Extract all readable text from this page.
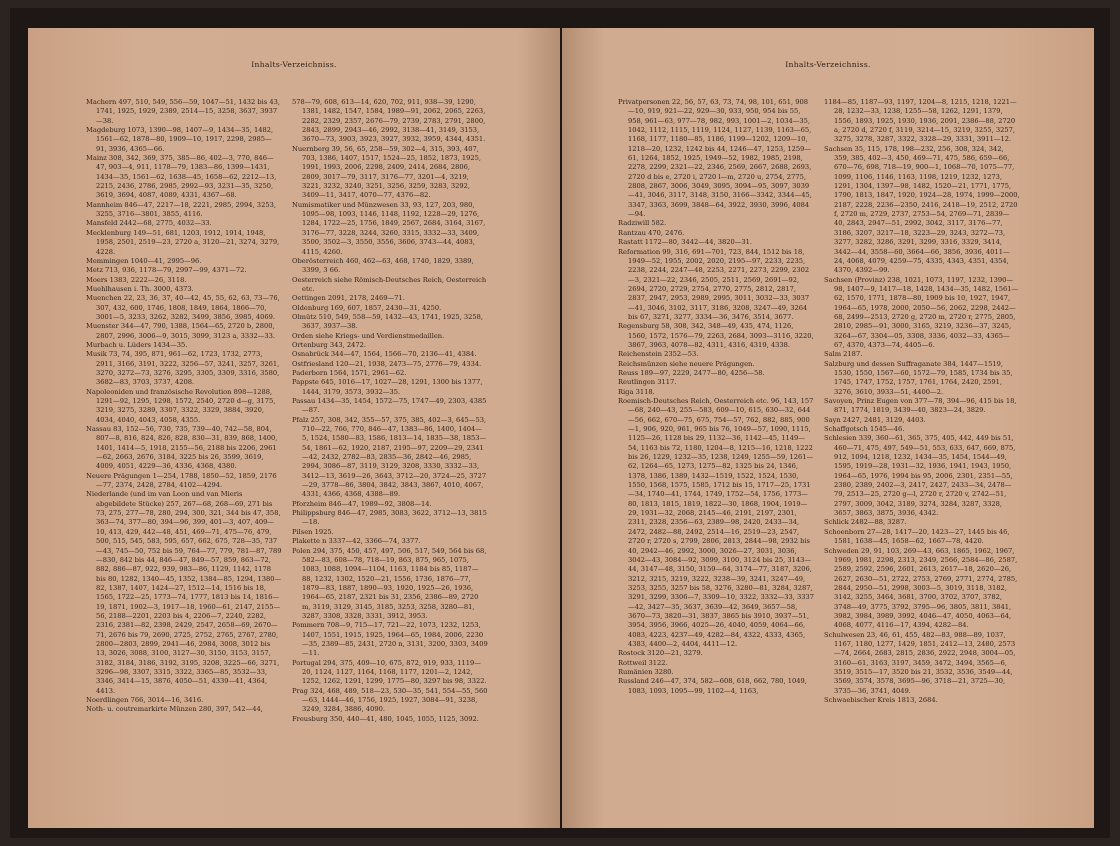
Inhalts-Verzeichniss.
Machern 497, 510, 549, 556—59, 1047—51, 1432 bis 43, 1741, 1925, 1929, 2389, 2514—15, 3258, 3637, 3937—38.
Magdeburg 1073, 1390—98, 1407—9, 1434—35, 1482, 1561—62, 1878—80, 1909—10, 1917, 2298, 2985—91, 3936, 4365—66.
Mainz 308, 342, 369, 375, 385—86, 402—3, 770, 846—47, 903—4, 911, 1178—79, 1383—86, 1399—1431, 1434—35, 1561—62, 1638—45, 1658—62, 2212—13, 2215, 2436, 2786, 2985, 2992—93, 3231—35, 3250, 3619, 3694, 4087, 4089, 4331, 4367—68.
Mannheim 846—47, 2217—18, 2221, 2985, 2994, 3253, 3255, 3716—3801, 3855, 4116.
Mansfeld 2442—68, 2775, 4032—33.
Mecklenburg 149—51, 681, 1203, 1912, 1914, 1948, 1958, 2501, 2519—23, 2720 a, 3120—21, 3274, 3279, 4228.
Memmingen 1040—41, 2995—96.
Metz 713, 936, 1178—79, 2997—99, 4371—72.
Moers 1383, 2222—26, 3118.
Muehlhausen i. Th. 3000, 4373.
Muenchen 22, 23, 36, 37, 40—42, 45, 55, 62, 63, 73—76, 307, 432, 600, 1746, 1808, 1849, 1864, 1866—70, 3001—5, 3233, 3262, 3282, 3499, 3856, 3985, 4069.
Muenster 344—47, 790, 1388, 1564—65, 2720 b, 2800, 2807, 2996, 3006—9, 3015, 3099, 3123 a, 3332—33.
Murbach u. Lüders 1434—35.
Musik 73, 74, 395, 871, 961—62, 1723, 1732, 2773, 2911, 3166, 3191, 3222, 3256—57, 3241, 3257, 3261, 3270, 3272—73, 3276, 3295, 3305, 3309, 3316, 3580, 3682—83, 3703, 3737, 4208.
Napoleoniden und französische Revolution 898—1288, 1291—92, 1295, 1298, 1572, 2540, 2720 d—g, 3175, 3219, 3275, 3289, 3307, 3322, 3329, 3884, 3920, 4034, 4040, 4043, 4058, 4355.
Nassau 83, 152—56, 730, 735, 739—40, 742—58, 804, 807—8, 816, 824, 826, 828, 830—31, 839, 868, 1400, 1401, 1414—5, 1918, 2155—56, 2188 bis 2206, 2961—62, 2663, 2676, 3184, 3225 bis 26, 3599, 3619, 4009, 4051, 4229—36, 4336, 4368, 4380.
Neuere Prägungen 1—254, 1788, 1850—52, 1859, 2176—77, 2374, 2428, 2784, 4102—4294.
Niederlande (und im van Loon und van Mieris abgebildete Stücke) 257, 267—68, 268—69, 271 bis 73, 275, 277—78, 280, 294, 300, 321, 344 bis 47, 358, 363—74, 377—80, 394—96, 399, 401—3, 407, 409—10, 413, 429, 442—48, 451, 469—71, 475—76, 479, 500, 515, 545, 583, 595, 657, 662, 675, 728—35, 737—43, 745—50, 752 bis 59, 764—77, 779, 781—87, 789—830, 842 bis 44, 846—47, 849—57, 859, 863—72, 882, 886—87, 922, 939, 983—86, 1129, 1142, 1178 bis 80, 1282, 1340—45, 1352, 1384—85, 1294, 1380—82, 1387, 1407, 1424—27, 1512—14, 1516 bis 18, 1565, 1722—25, 1773—74, 1777, 1813 bis 14, 1816—19, 1871, 1902—3, 1917—18, 1960—61, 2147, 2155—56, 2188—2201, 2203 bis 4, 2206—7, 2240, 2282, 2316, 2381—82, 2398, 2429, 2547, 2658—69, 2670—71, 2676 bis 79, 2690, 2725, 2752, 2765, 2767, 2780, 2800—2803, 2899, 2941—46, 2984, 3008, 3012 bis 13, 3026, 3088, 3100, 3127—30, 3150, 3153, 3157, 3182, 3184, 3186, 3192, 3195, 3208, 3225—66, 3271, 3296—98, 3307, 3315, 3322, 3365—85, 3532—33, 3346, 3414—15, 3876, 4050—51, 4339—41, 4364, 4413.
Noerdlingen 766, 3014—16, 3416.
Noth- u. coutremarkirte Münzen 280, 397, 542—44,
578—79, 608, 613—14, 620, 702, 911, 938—39, 1290, 1381, 1482, 1547, 1584, 1989—91, 2062, 2065, 2263, 2282, 2329, 2357, 2676—79, 2739, 2783, 2791, 2800, 2843, 2899, 2943—46, 2992, 3138—41, 3149, 3153, 3670—73, 3903, 3923, 3927, 3932, 3959, 4344, 4351.
Nuernberg 39, 56, 65, 258—59, 302—4, 315, 393, 407, 703, 1386, 1407, 1517, 1524—25, 1852, 1873, 1925, 1991, 1993, 2006, 2298, 2409, 2414, 2684, 2806, 2809, 3017—79, 3117, 3176—77, 3201—4, 3219, 3221, 3232, 3240, 3251, 3256, 3259, 3283, 3292, 3409—11, 3417, 4070—77, 4376—82.
Numismatiker und Münzwesen 33, 93, 127, 203, 980, 1095—98, 1093, 1146, 1148, 1192, 1228—29, 1276, 1284, 1722—25, 1756, 1849, 2567, 2684, 3164, 3167, 3176—77, 3228, 3244, 3260, 3315, 3332—33, 3409, 3500, 3502—3, 3550, 3556, 3606, 3743—44, 4083, 4115, 4260.
Oberösterreich 460, 462—63, 468, 1740, 1829, 3389, 3399, 3 66.
Oesterreich siehe Römisch-Deutsches Reich, Oesterreich etc.
Oettingen 2091, 2178, 2469—71.
Oldenburg 169, 607, 1857, 2430—31, 4250.
Olmütz 510, 549, 558—59, 1432—43, 1741, 1925, 3258, 3637, 3937—38.
Orden siehe Kriegs- und Verdienstmedaillen.
Ortenburg 343, 2472.
Osnabrück 344—47, 1564, 1566—70, 2136—41, 4384.
Ostfriesland 120—21, 1938, 2473—75, 2776—79, 4334.
Paderborn 1564, 1571, 2961—62.
Pappste 645, 1016—17, 1027—28, 1291, 1300 bis 1377, 1444, 3179, 3573, 3932—35.
Passau 1434—35, 1454, 1572—75, 1747—49, 2303, 4385—87.
Pfalz 257, 308, 342, 355—57, 375, 385, 402—3, 645—53, 710—22, 766, 770, 846—47, 1383—86, 1400, 1404—5, 1524, 1580—83, 1586, 1813—14, 1835—38, 1853—54, 1861—62, 1920, 2187, 2195—97, 2209—29, 2341—42, 2432, 2782—83, 2835—36, 2842—46, 2985, 2994, 3086—87, 3119, 3129, 3208, 3330, 3332—33, 3412—13, 3619—26, 3643, 3712—20, 3724—25, 3727—29, 3778—86, 3804, 3842, 3843, 3867, 4010, 4067, 4331, 4366, 4368, 4388—89.
Pforzheim 846—47, 1989—92, 3808—14.
Philippsburg 846—47, 2985, 3083, 3622, 3712—13, 3815—18.
Pilsen 1925.
Plakette n 3337—42, 3366—74, 3377.
Polen 294, 375, 450, 457, 497, 506, 517, 549, 564 bis 68, 582—83, 608—78, 718—19, 863, 875, 965, 1075, 1083, 1088, 1094—1104, 1163, 1184 bis 85, 1187—88, 1232, 1302, 1520—21, 1556, 1736, 1876—77, 1879—83, 1887, 1890—93, 1920, 1925—26, 1936, 1964—65, 2187, 2321 bis 31, 2356, 2386—89, 2720 m, 3119, 3129, 3145, 3185, 3253, 3258, 3280—81, 3287, 3308, 3328, 3331, 3912, 3953.
Pommern 708—9, 715—17, 721—22, 1073, 1232, 1253, 1407, 1551, 1915, 1925, 1964—65, 1984, 2006, 2230—35, 2389—85, 2431, 2720 n, 3131, 3200, 3303, 3409—11.
Portugal 294, 375, 409—10, 675, 872, 919, 933, 1119—20, 1124, 1127, 1164, 1168, 1177, 1201—2, 1242, 1252, 1262, 1291, 1299, 1775—80, 3297 bis 98, 3322.
Prag 324, 468, 489, 518—23, 530—35, 541, 554—55, 560—63, 1444—46, 1756, 1925, 1927, 3084—91, 3238, 3249, 3284, 3886, 4090.
Freusburg 350, 440—41, 480, 1045, 1055, 1125, 3092.
Inhalts-Verzeichniss.
Privatpersonen 22, 56, 57, 63, 73, 74, 98, 101, 651, 908—10, 919, 921—22, 929—30, 933, 950, 954 bis 55, 958, 961—63, 977—78, 982, 993, 1001—2, 1034—35, 1042, 1112, 1115, 1119, 1124, 1127, 1139, 1163—65, 1168, 1177, 1180—85, 1186, 1199—1202, 1209—10, 1218—20, 1232, 1242 bis 44, 1246—47, 1253, 1259—61, 1264, 1852, 1925, 1949—52, 1982, 1985, 2198, 2278, 2299, 2321—22, 2346, 2569, 2667, 2688, 2693, 2720 d bis e, 2720 i, 2720 l—m, 2720 u, 2754, 2775, 2808, 2867, 3006, 3049, 3095, 3094—95, 3097, 3039—41, 3046, 3117, 3148, 3150, 3166—3342, 3344—45, 3347, 3363, 3699, 3848—64, 3922, 3930, 3996, 4084—94.
Radziwill 582.
Rantzau 470, 2476.
Rastatt 1172—80, 3442—44, 3820—31.
Reformation 99, 316, 691—701, 723, 844, 1512 bis 18, 1949—52, 1955, 2002, 2020, 2195—97, 2233, 2235, 2238, 2244, 2247—48, 2253, 2271, 2273, 2299, 2302—3, 2321—22, 2346, 2505, 2511, 2569, 2691—92, 2694, 2720, 2729, 2754, 2770, 2775, 2812, 2817, 2837, 2947, 2953, 2989, 2995, 3011, 3032—33, 3037—41, 3046, 3102, 3117, 3186, 3208, 3247—49, 3264 bis 67, 3271, 3277, 3334—36, 3476, 3514, 3677.
Regensburg 58, 308, 342, 348—49, 435, 474, 1126, 1560, 1572, 1576—79, 2263, 2684, 3093—3116, 3220, 3867, 3963, 4078—82, 4311, 4316, 4319, 4338.
Reichenstein 2352—53.
Reichsmünzen siehe neuere Prägungen.
Reuss 189—97, 2229, 2477—80, 4256—58.
Reutlingen 3117.
Riga 3118.
Roemisch-Deutsches Reich, Oesterreich etc. 96, 143, 157—68, 240—43, 255—583, 609—10, 615, 630—32, 644—56, 662, 670—75, 675, 754—57, 762, 882, 885, 900—1, 906, 920, 961, 965 bis 76, 1049—57, 1090, 1115, 1125—26, 1128 bis 29, 1132—36, 1142—45, 1149—54, 1163 bis 72, 1180, 1204—8, 1215—16, 1218, 1222 bis 26, 1229, 1232—35, 1238, 1249, 1255—59, 1261—62, 1264—65, 1273, 1275—82, 1325 bis 24, 1346, 1378, 1386, 1389, 1432—1519, 1522, 1524, 1530, 1550, 1568, 1575, 1585, 1712 bis 15, 1717—25, 1731—34, 1740—41, 1744, 1749, 1752—54, 1756, 1773—80, 1813, 1815, 1819, 1822—30, 1868, 1904, 1919—29, 1931—32, 2068, 2145—46, 2191, 2197, 2301, 2311, 2328, 2356—63, 2389—98, 2420, 2433—34, 2472, 2482—88, 2492, 2514—16, 2519—23, 2547, 2720 r, 2720 s, 2799, 2806, 2813, 2844—98, 2932 bis 40, 2942—46, 2992, 3000, 3026—27, 3031, 3036, 3042—43, 3084—92, 3099, 3100, 3124 bis 25, 3143—44, 3147—48, 3150, 3159—64, 3174—77, 3187, 3206, 3212, 3215, 3219, 3222, 3238—39, 3241, 3247—49, 3253, 3255, 3257 bis 58, 3276, 3280—81, 3284, 3287, 3291, 3299, 3306—7, 3309—10, 3322, 3332—33, 3337—42, 3427—35, 3637, 3639—42, 3649, 3657—58, 3670—73, 3820—31, 3837, 3865 bis 3910, 3937—51, 3954, 3956, 3966, 4025—26, 4040, 4059, 4064—66, 4083, 4223, 4237—49, 4282—84, 4322, 4333, 4365, 4383, 4400—2, 4404, 4411—12.
Rostock 3120—21, 3279.
Rottweil 3122.
Rumänien 3280.
Russland 246—47, 374, 582—608, 618, 662, 780, 1049, 1083, 1093, 1095—99, 1102—4, 1163,
1184—85, 1187—93, 1197, 1204—8, 1215, 1218, 1221—28, 1232—33, 1238, 1255—58, 1262, 1291, 1379, 1556, 1893, 1925, 1930, 1936, 2091, 2386—88, 2720 a, 2720 d, 2720 f, 3119, 3214—15, 3219, 3255, 3257, 3275, 3278, 3287, 3322, 3328—29, 3331, 3911—12.
Sachsen 35, 115, 178, 198—232, 256, 308, 324, 342, 359, 385, 402—3, 450, 469—71, 475, 586, 659—66, 670—76, 698, 718—19, 900—1, 1068—70, 1075—77, 1099, 1106, 1146, 1163, 1198, 1219, 1232, 1273, 1291, 1304, 1397—98, 1482, 1520—21, 1771, 1775, 1790, 1813, 1847, 1920, 1924—28, 1974, 1999—2000, 2187, 2228, 2236—2350, 2416, 2418—19, 2512, 2720 f, 2720 m, 2729, 2737, 2753—54, 2769—71, 2839—40, 2843, 2947—51, 2992, 3042, 3117, 3176—77, 3186, 3207, 3217—18, 3223—29, 3243, 3272—73, 3277, 3282, 3286, 3291, 3299, 3316, 3329, 3414, 3442—44, 3558—60, 3664—66, 3856, 3936, 4011—24, 4068, 4079, 4259—75, 4335, 4343, 4351, 4354, 4370, 4392—99.
Sachsen (Provinz) 238, 1021, 1073, 1197, 1232, 1390—98, 1407—9, 1417—18, 1428, 1434—35, 1482, 1561—62, 1570, 1771, 1878—80, 1909 bis 10, 1927, 1947, 1964—65, 1978, 2000, 2050—56, 2062, 2298, 2442—68, 2499—2513, 2720 g, 2720 m, 2720 r, 2775, 2805, 2810, 2985—91, 3000, 3165, 3219, 3236—37, 3245, 3264—67, 3304—05, 3308, 3336, 4032—33, 4365—67, 4370, 4373—74, 4405—6.
Salm 2187.
Salzburg und dessen Suffraganate 384, 1447—1519, 1530, 1550, 1567—60, 1572—79, 1585, 1734 bis 35, 1745, 1747, 1752, 1757, 1761, 1764, 2420, 2591, 3276, 3610, 3933—51, 4400—2.
Savoyen, Prinz Eugen von 377—78, 394—96, 415 bis 18, 871, 1774, 1819, 3439—40, 3823—24, 3829.
Sayn 2427, 2481, 3129, 4403.
Schaffgotsch 1545—46.
Schlesien 339, 360—61, 365, 375, 405, 442, 449 bis 51, 460—71, 475, 497, 549—51, 553, 633, 647, 669, 875, 912, 1094, 1218, 1232, 1434—35, 1454, 1544—49, 1595, 1919—28, 1931—32, 1936, 1941, 1943, 1950, 1964—65, 1976, 1994 bis 95, 2006, 2301, 2351—55, 2380, 2389, 2402—3, 2417, 2427, 2433—34, 2478—79, 2513—25, 2720 g—l, 2720 r, 2720 v, 2742—51, 2797, 3009, 3042, 3189, 3274, 3284, 3287, 3328, 3657, 3863, 3875, 3936, 4342.
Schlick 2482—88, 3287.
Schoenborn 27—28, 1417—20, 1423—27, 1445 bis 46, 1581, 1638—45, 1658—62, 1667—78, 4420.
Schweden 29, 91, 103, 269—43, 663, 1865, 1962, 1967, 1969, 1981, 2298, 2313, 2349, 2566, 2584—86, 2587, 2589, 2592, 2596, 2601, 2613, 2617—18, 2620—26, 2627, 2630—51, 2722, 2753, 2769, 2771, 2774, 2785, 2844, 2950—51, 2998, 3003—5, 3019, 3118, 3182, 3142, 3255, 3464, 3681, 3700, 3702, 3707, 3782, 3748—49, 3775, 3792, 3795—96, 3805, 3811, 3841, 3982, 3984, 3989, 3992, 4046—47, 4050, 4063—64, 4068, 4077, 4116—17, 4394, 4282—84.
Schulwesen 23, 46, 61, 455, 482—83, 988—89, 1037, 1167, 1180, 1277, 1429, 1851, 2412—13, 2480, 2573—74, 2664, 2683, 2815, 2836, 2922, 2948, 3004—05, 3160—61, 3163, 3197, 3459, 3472, 3494, 3565—6, 3519, 3515—17, 3520 bis 21, 3532, 3536, 3549—44, 3569, 3574, 3578, 3695—96, 3718—21, 3725—30, 3735—36, 3741, 4049.
Schwaebischer Kreis 1813, 2684.
